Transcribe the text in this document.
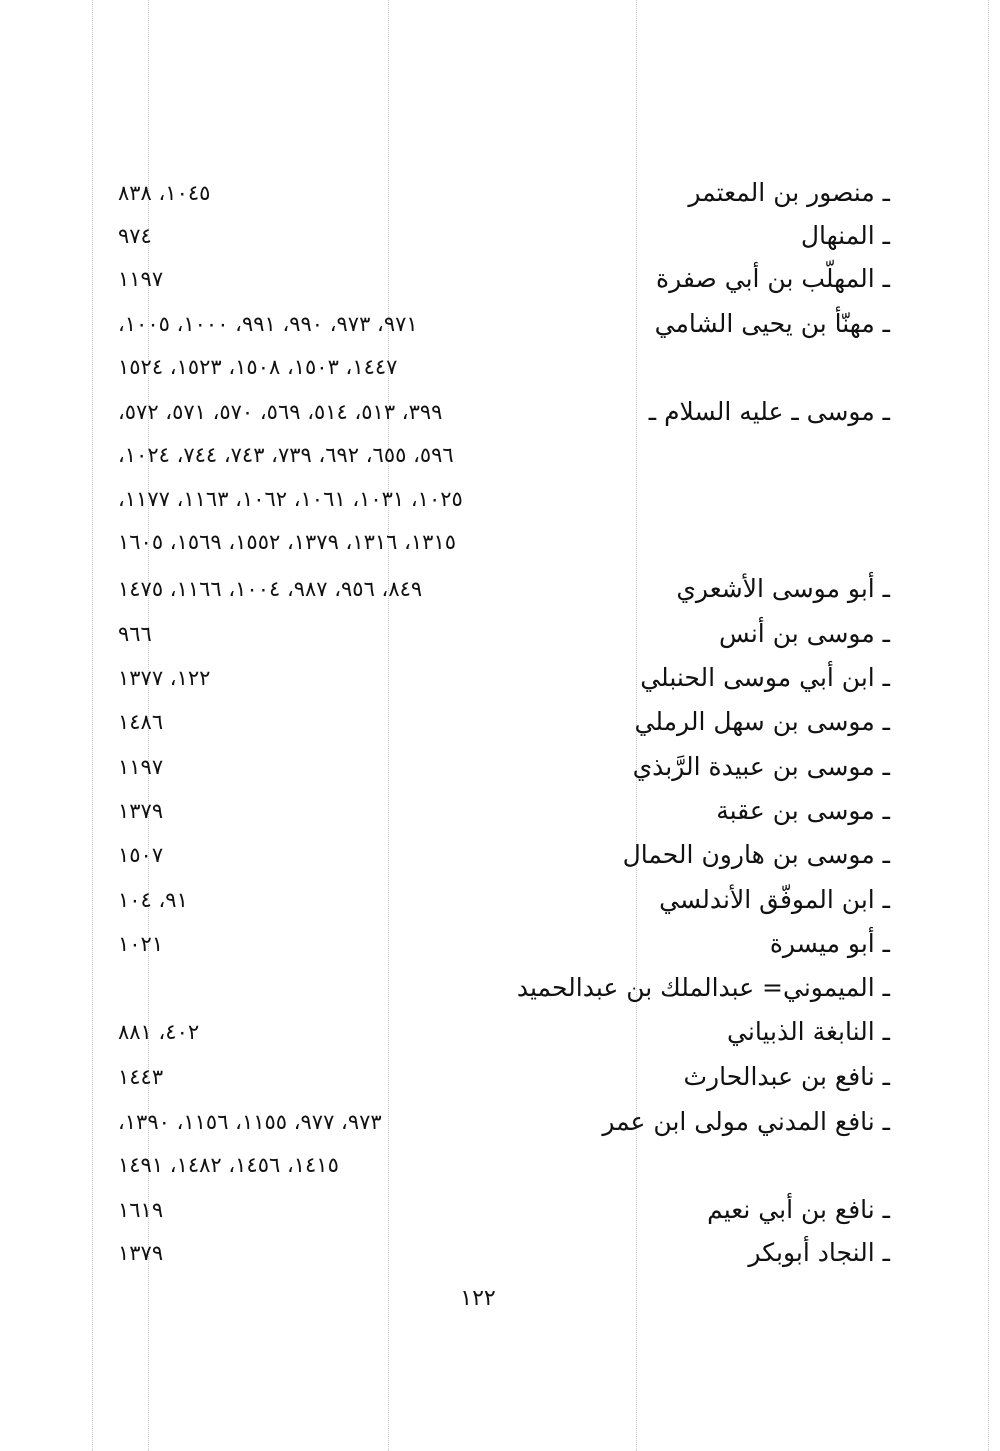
ـ منصور بن المعتمر
١٠٤٥، ٨٣٨
ـ المنهال
٩٧٤
ـ المهلّب بن أبي صفرة
١١٩٧
ـ مهنّأ بن يحيى الشامي
٩٧١، ٩٧٣، ٩٩٠، ٩٩١، ١٠٠٠، ١٠٠٥،
١٤٤٧، ١٥٠٣، ١٥٠٨، ١٥٢٣، ١٥٢٤
ـ موسى ـ عليه السلام ـ
٣٩٩، ٥١٣، ٥١٤، ٥٦٩، ٥٧٠، ٥٧١، ٥٧٢،
٥٩٦، ٦٥٥، ٦٩٢، ٧٣٩، ٧٤٣، ٧٤٤، ١٠٢٤،
١٠٢٥، ١٠٣١، ١٠٦١، ١٠٦٢، ١١٦٣، ١١٧٧،
١٣١٥، ١٣١٦، ١٣٧٩، ١٥٥٢، ١٥٦٩، ١٦٠٥
ـ أبو موسى الأشعري
٨٤٩، ٩٥٦، ٩٨٧، ١٠٠٤، ١١٦٦، ١٤٧٥
ـ موسى بن أنس
٩٦٦
ـ ابن أبي موسى الحنبلي
١٢٢، ١٣٧٧
ـ موسى بن سهل الرملي
١٤٨٦
ـ موسى بن عبيدة الرَّبذي
١١٩٧
ـ موسى بن عقبة
١٣٧٩
ـ موسى بن هارون الحمال
١٥٠٧
ـ ابن الموفّق الأندلسي
٩١، ١٠٤
ـ أبو ميسرة
١٠٢١
ـ الميموني= عبدالملك بن عبدالحميد
ـ النابغة الذبياني
٤٠٢، ٨٨١
ـ نافع بن عبدالحارث
١٤٤٣
ـ نافع المدني مولى ابن عمر
٩٧٣، ٩٧٧، ١١٥٥، ١١٥٦، ١٣٩٠،
١٤١٥، ١٤٥٦، ١٤٨٢، ١٤٩١
ـ نافع بن أبي نعيم
١٦١٩
ـ النجاد أبوبكر
١٣٧٩
١٢٢
